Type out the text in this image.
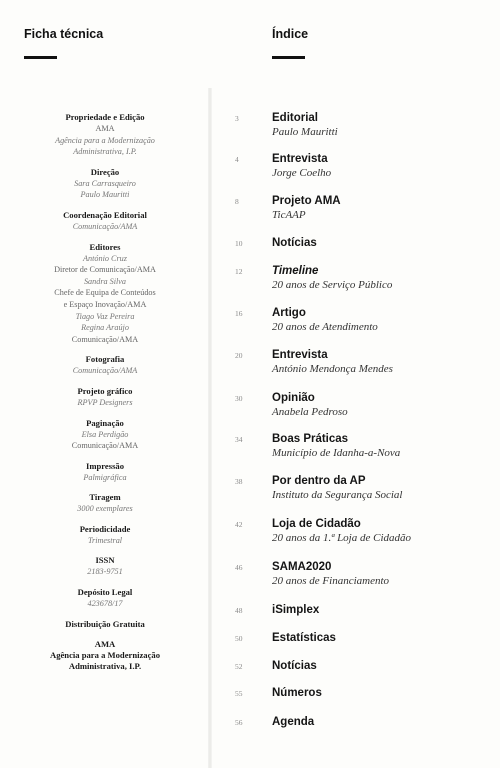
Ficha técnica	Índice
Propriedade e Edição
AMA
Agência para a Modernização
Administrativa, I.P.
Direção
Sara Carrasqueiro
Paulo Mauritti
Coordenação Editorial
Comunicação/AMA
Editores
António Cruz
Diretor de Comunicação/AMA
Sandra Silva
Chefe de Equipa de Conteúdos
e Espaço Inovação/AMA
Tiago Vaz Pereira
Regina Araújo
Comunicação/AMA
Fotografia
Comunicação/AMA
Projeto gráfico
RPVP Designers
Paginação
Elsa Perdigão
Comunicação/AMA
Impressão
Palmigráfica
Tiragem
3000 exemplares
Periodicidade
Trimestral
ISSN
2183-9751
Depósito Legal
423678/17
Distribuição Gratuita
AMA
Agência para a Modernização
Administrativa, I.P.
3	Editorial
Paulo Mauritti
4	Entrevista
Jorge Coelho
8	Projeto AMA
TicAAP
10	Notícias
12	Timeline
20 anos de Serviço Público
16	Artigo
20 anos de Atendimento
20	Entrevista
António Mendonça Mendes
30	Opinião
Anabela Pedroso
34	Boas Práticas
Município de Idanha-a-Nova
38	Por dentro da AP
Instituto da Segurança Social
42	Loja de Cidadão
20 anos da 1.ª Loja de Cidadão
46	SAMA2020
20 anos de Financiamento
48	iSimplex
50	Estatísticas
52	Notícias
55	Números
56	Agenda
